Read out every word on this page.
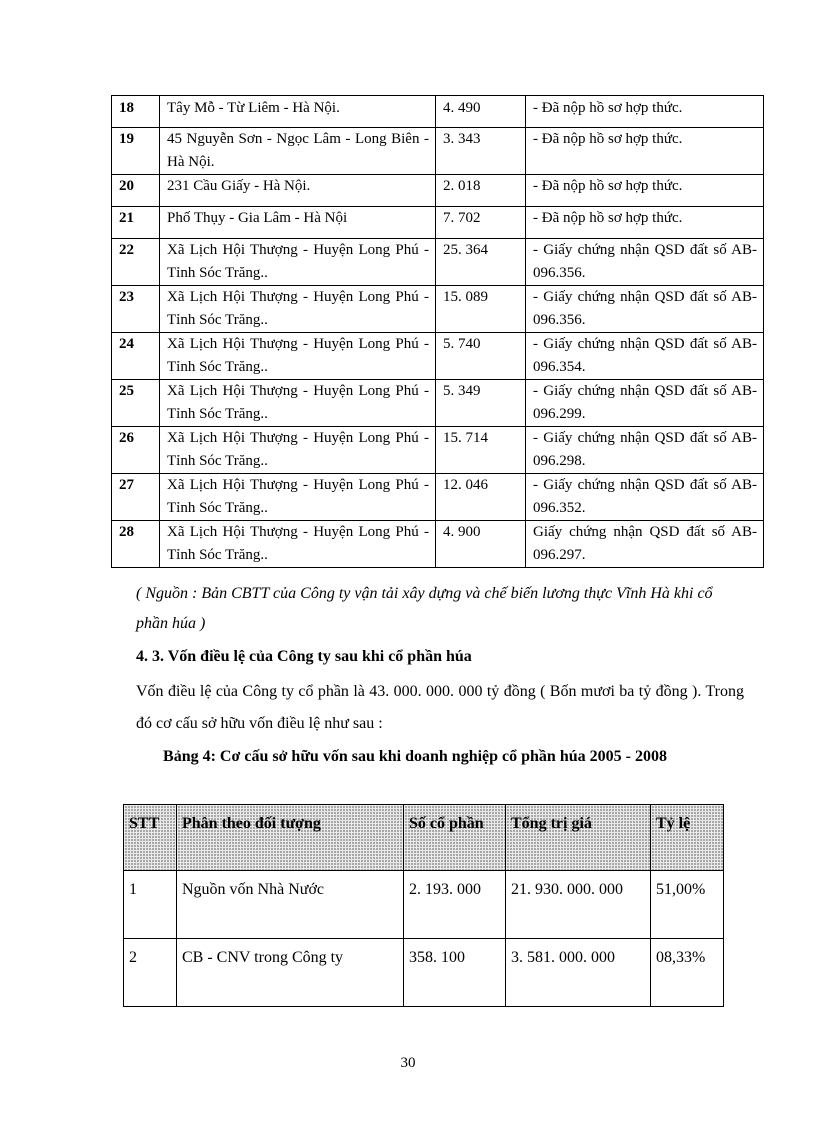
18	Tây Mỗ - Từ Liêm - Hà Nội.	4. 490	- Đã nộp hồ sơ hợp thức.
19	45 Nguyễn Sơn - Ngọc Lâm - Long Biên - Hà Nội.	3. 343	- Đã nộp hồ sơ hợp thức.
20	231 Cầu Giấy - Hà Nội.	2. 018	- Đã nộp hồ sơ hợp thức.
21	Phố Thụy - Gia Lâm - Hà Nội	7. 702	- Đã nộp hồ sơ hợp thức.
22	Xã Lịch Hội Thượng - Huyện Long Phú - Tỉnh Sóc Trăng..	25. 364	- Giấy chứng nhận QSD đất số AB-096.356.
23	Xã Lịch Hội Thượng - Huyện Long Phú - Tỉnh Sóc Trăng..	15. 089	- Giấy chứng nhận QSD đất số AB-096.356.
24	Xã Lịch Hội Thượng - Huyện Long Phú - Tỉnh Sóc Trăng..	5. 740	- Giấy chứng nhận QSD đất số AB-096.354.
25	Xã Lịch Hội Thượng - Huyện Long Phú - Tỉnh Sóc Trăng..	5. 349	- Giấy chứng nhận QSD đất số AB-096.299.
26	Xã Lịch Hội Thượng - Huyện Long Phú - Tỉnh Sóc Trăng..	15. 714	- Giấy chứng nhận QSD đất số AB-096.298.
27	Xã Lịch Hội Thượng - Huyện Long Phú - Tỉnh Sóc Trăng..	12. 046	- Giấy chứng nhận QSD đất số AB-096.352.
28	Xã Lịch Hội Thượng - Huyện Long Phú - Tỉnh Sóc Trăng..	4. 900	Giấy chứng nhận QSD đất số AB-096.297.
( Nguồn : Bản CBTT của Công ty vận tải xây dựng và chế biến lương thực Vĩnh Hà khi cổ phần húa )
4. 3. Vốn điều lệ của Công ty sau khi cổ phần húa
Vốn điều lệ của Công ty cổ phần là 43. 000. 000. 000 tỷ đồng ( Bốn mươi ba tỷ đồng ). Trong đó cơ cấu sở hữu vốn điều lệ như sau :
Bảng 4: Cơ cấu sở hữu vốn sau khi doanh nghiệp cổ phần húa 2005 - 2008
STT	Phân theo đối tượng	Số cổ phần	Tổng trị giá	Tỷ lệ
1	Nguồn vốn Nhà Nước	2. 193. 000	21. 930. 000. 000	51,00%
2	CB - CNV trong Công ty	358. 100	3. 581. 000. 000	08,33%
30
